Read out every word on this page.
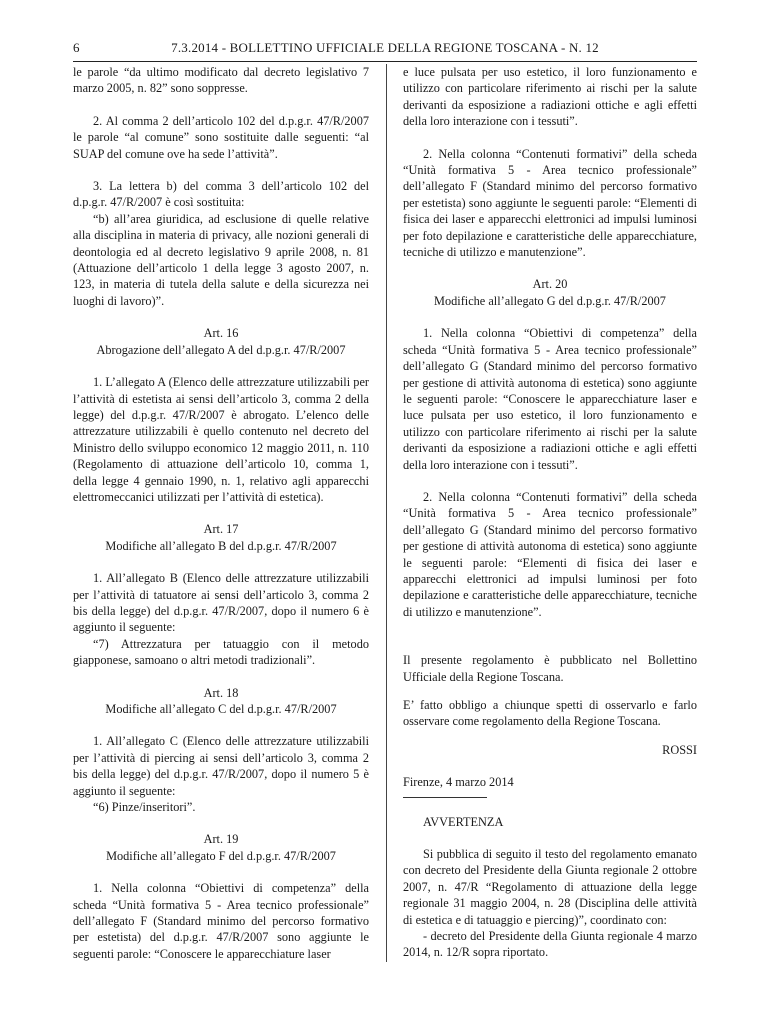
6	7.3.2014 - BOLLETTINO UFFICIALE DELLA REGIONE TOSCANA - N. 12

le parole “da ultimo modificato dal decreto legislativo 7 marzo 2005, n. 82” sono soppresse.

2. Al comma 2 dell’articolo 102 del d.p.g.r. 47/R/2007 le parole “al comune” sono sostituite dalle seguenti: “al SUAP del comune ove ha sede l’attività”.

3. La lettera b) del comma 3 dell’articolo 102 del d.p.g.r. 47/R/2007 è così sostituita:

“b) all’area giuridica, ad esclusione di quelle relative alla disciplina in materia di privacy, alle nozioni generali di deontologia ed al decreto legislativo 9 aprile 2008, n. 81 (Attuazione dell’articolo 1 della legge 3 agosto 2007, n. 123, in materia di tutela della salute e della sicurezza nei luoghi di lavoro)”.

Art. 16

Abrogazione dell’allegato A del d.p.g.r. 47/R/2007

1. L’allegato A (Elenco delle attrezzature utilizzabili per l’attività di estetista ai sensi dell’articolo 3, comma 2 della legge) del d.p.g.r. 47/R/2007 è abrogato. L’elenco delle attrezzature utilizzabili è quello contenuto nel decreto del Ministro dello sviluppo economico 12 maggio 2011, n. 110 (Regolamento di attuazione dell’articolo 10, comma 1, della legge 4 gennaio 1990, n. 1, relativo agli apparecchi elettromeccanici utilizzati per l’attività di estetica).

Art. 17

Modifiche all’allegato B del d.p.g.r. 47/R/2007

1. All’allegato B (Elenco delle attrezzature utilizzabili per l’attività di tatuatore ai sensi dell’articolo 3, comma 2 bis della legge) del d.p.g.r. 47/R/2007, dopo il numero 6 è aggiunto il seguente:

“7) Attrezzatura per tatuaggio con il metodo giapponese, samoano o altri metodi tradizionali”.

Art. 18

Modifiche all’allegato C del d.p.g.r. 47/R/2007

1. All’allegato C (Elenco delle attrezzature utilizzabili per l’attività di piercing ai sensi dell’articolo 3, comma 2 bis della legge) del d.p.g.r. 47/R/2007, dopo il numero 5 è aggiunto il seguente:

“6) Pinze/inseritori”.

Art. 19

Modifiche all’allegato F del d.p.g.r. 47/R/2007

1. Nella colonna “Obiettivi di competenza” della scheda “Unità formativa 5 - Area tecnico professionale” dell’allegato F (Standard minimo del percorso formativo per estetista) del d.p.g.r. 47/R/2007 sono aggiunte le seguenti parole: “Conoscere le apparecchiature laser

e luce pulsata per uso estetico, il loro funzionamento e utilizzo con particolare riferimento ai rischi per la salute derivanti da esposizione a radiazioni ottiche e agli effetti della loro interazione con i tessuti”.

2. Nella colonna “Contenuti formativi” della scheda “Unità formativa 5 - Area tecnico professionale” dell’allegato F (Standard minimo del percorso formativo per estetista) sono aggiunte le seguenti parole: “Elementi di fisica dei laser e apparecchi elettronici ad impulsi luminosi per foto depilazione e caratteristiche delle apparecchiature, tecniche di utilizzo e manutenzione”.

Art. 20

Modifiche all’allegato G del d.p.g.r. 47/R/2007

1. Nella colonna “Obiettivi di competenza” della scheda “Unità formativa 5 - Area tecnico professionale” dell’allegato G (Standard minimo del percorso formativo per gestione di attività autonoma di estetica) sono aggiunte le seguenti parole: “Conoscere le apparecchiature laser e luce pulsata per uso estetico, il loro funzionamento e utilizzo con particolare riferimento ai rischi per la salute derivanti da esposizione a radiazioni ottiche e agli effetti della loro interazione con i tessuti”.

2. Nella colonna “Contenuti formativi” della scheda “Unità formativa 5 - Area tecnico professionale” dell’allegato G (Standard minimo del percorso formativo per gestione di attività autonoma di estetica) sono aggiunte le seguenti parole: “Elementi di fisica dei laser e apparecchi elettronici ad impulsi luminosi per foto depilazione e caratteristiche delle apparecchiature, tecniche di utilizzo e manutenzione”.

Il presente regolamento è pubblicato nel Bollettino Ufficiale della Regione Toscana.

E’ fatto obbligo a chiunque spetti di osservarlo e farlo osservare come regolamento della Regione Toscana.

ROSSI

Firenze, 4 marzo 2014

AVVERTENZA

Si pubblica di seguito il testo del regolamento emanato con decreto del Presidente della Giunta regionale 2 ottobre 2007, n. 47/R “Regolamento di attuazione della legge regionale 31 maggio 2004, n. 28 (Disciplina delle attività di estetica e di tatuaggio e piercing)”, coordinato con:

- decreto del Presidente della Giunta regionale 4 marzo 2014, n. 12/R sopra riportato.
